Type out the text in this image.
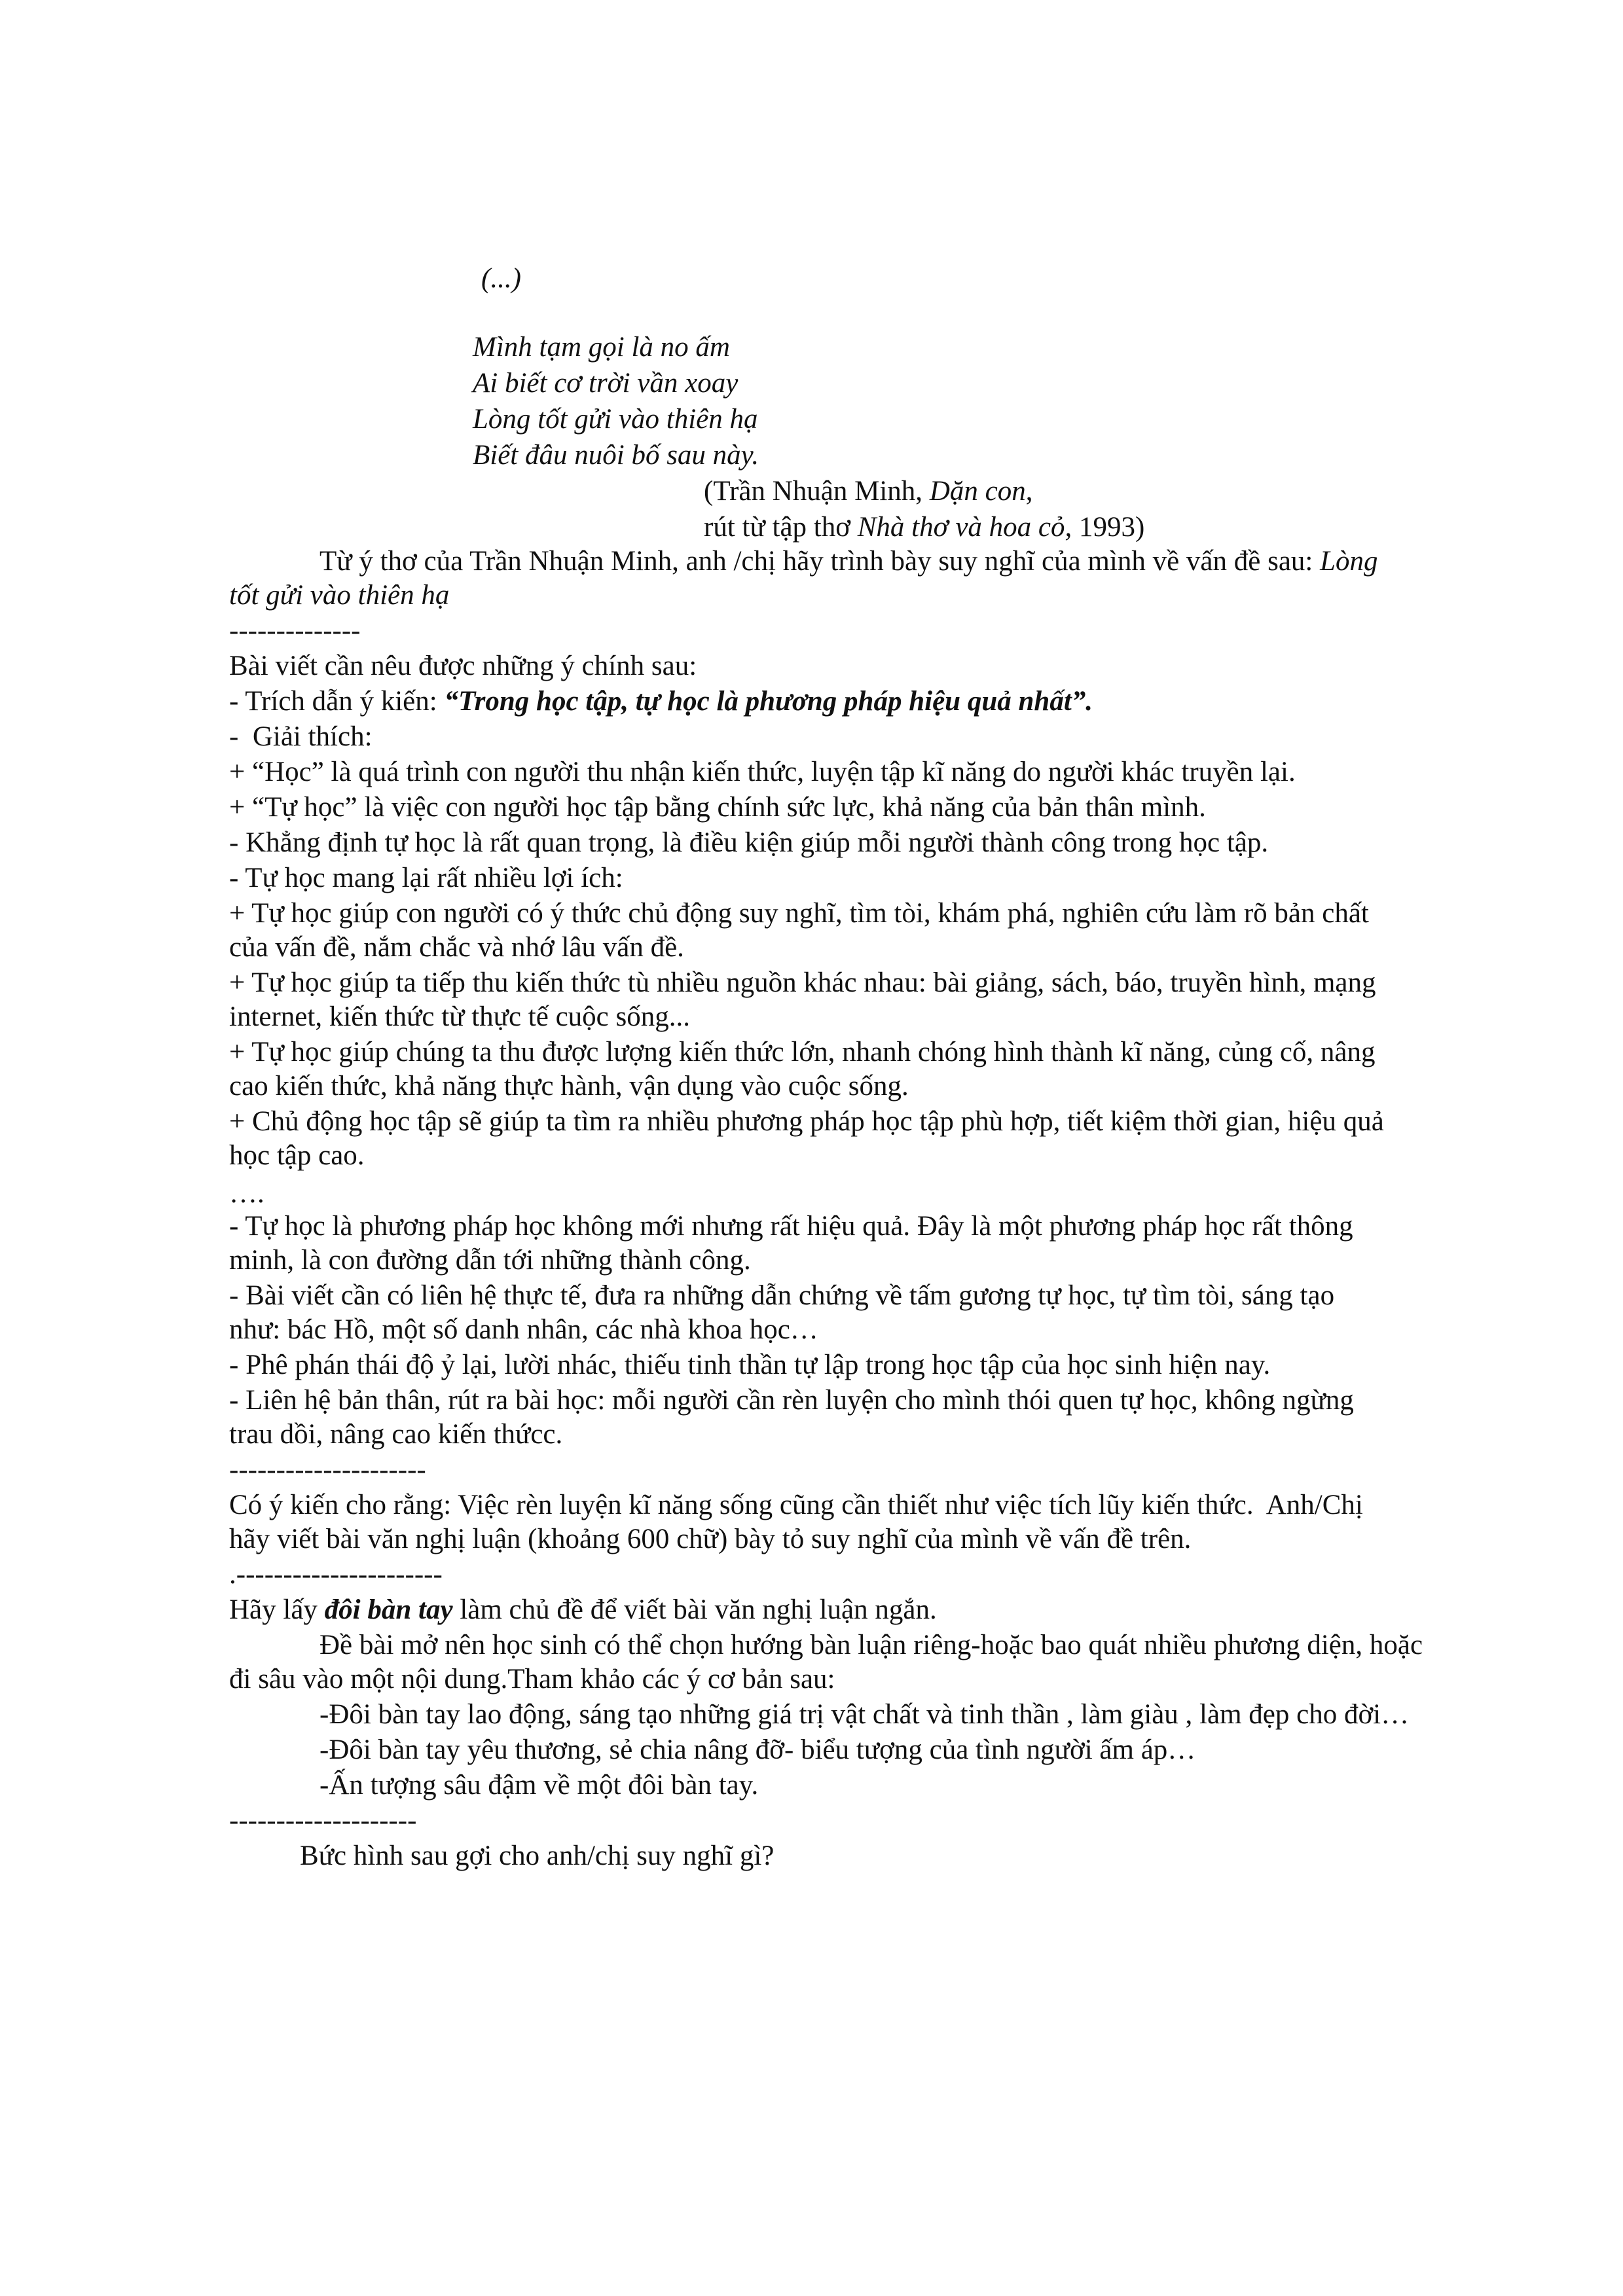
(...)

Mình tạm gọi là no ấm

Ai biết cơ trời vần xoay

Lòng tốt gửi vào thiên hạ

Biết đâu nuôi bố sau này.

(Trần Nhuận Minh, Dặn con,

rút từ tập thơ Nhà thơ và hoa cỏ, 1993)

Từ ý thơ của Trần Nhuận Minh, anh /chị hãy trình bày suy nghĩ của mình về vấn đề sau: Lòng

tốt gửi vào thiên hạ

--------------

Bài viết cần nêu được những ý chính sau:

- Trích dẫn ý kiến: “Trong học tập, tự học là phương pháp hiệu quả nhất”.

-  Giải thích:

+ “Học” là quá trình con người thu nhận kiến thức, luyện tập kĩ năng do người khác truyền lại.

+ “Tự học” là việc con người học tập bằng chính sức lực, khả năng của bản thân mình.

- Khẳng định tự học là rất quan trọng, là điều kiện giúp mỗi người thành công trong học tập.

- Tự học mang lại rất nhiều lợi ích:

+ Tự học giúp con người có ý thức chủ động suy nghĩ, tìm tòi, khám phá, nghiên cứu làm rõ bản chất

của vấn đề, nắm chắc và nhớ lâu vấn đề.

+ Tự học giúp ta tiếp thu kiến thức tù nhiều nguồn khác nhau: bài giảng, sách, báo, truyền hình, mạng

internet, kiến thức từ thực tế cuộc sống...

+ Tự học giúp chúng ta thu được lượng kiến thức lớn, nhanh chóng hình thành kĩ năng, củng cố, nâng

cao kiến thức, khả năng thực hành, vận dụng vào cuộc sống.

+ Chủ động học tập sẽ giúp ta tìm ra nhiều phương pháp học tập phù hợp, tiết kiệm thời gian, hiệu quả

học tập cao.

….

- Tự học là phương pháp học không mới nhưng rất hiệu quả. Đây là một phương pháp học rất thông

minh, là con đường dẫn tới những thành công.

- Bài viết cần có liên hệ thực tế, đưa ra những dẫn chứng về tấm gương tự học, tự tìm tòi, sáng tạo

như: bác Hồ, một số danh nhân, các nhà khoa học…

- Phê phán thái độ ỷ lại, lười nhác, thiếu tinh thần tự lập trong học tập của học sinh hiện nay.

- Liên hệ bản thân, rút ra bài học: mỗi người cần rèn luyện cho mình thói quen tự học, không ngừng

trau dồi, nâng cao kiến thứcc.

---------------------

Có ý kiến cho rằng: Việc rèn luyện kĩ năng sống cũng cần thiết như việc tích lũy kiến thức.  Anh/Chị

hãy viết bài văn nghị luận (khoảng 600 chữ) bày tỏ suy nghĩ của mình về vấn đề trên.

.----------------------

Hãy lấy đôi bàn tay làm chủ đề để viết bài văn nghị luận ngắn.

Đề bài mở nên học sinh có thể chọn hướng bàn luận riêng-hoặc bao quát nhiều phương diện, hoặc

đi sâu vào một nội dung.Tham khảo các ý cơ bản sau:

-Đôi bàn tay lao động, sáng tạo những giá trị vật chất và tinh thần , làm giàu , làm đẹp cho đời…

-Đôi bàn tay yêu thương, sẻ chia nâng đỡ- biểu tượng của tình người ấm áp…

-Ấn tượng sâu đậm về một đôi bàn tay.

--------------------

Bức hình sau gợi cho anh/chị suy nghĩ gì?
